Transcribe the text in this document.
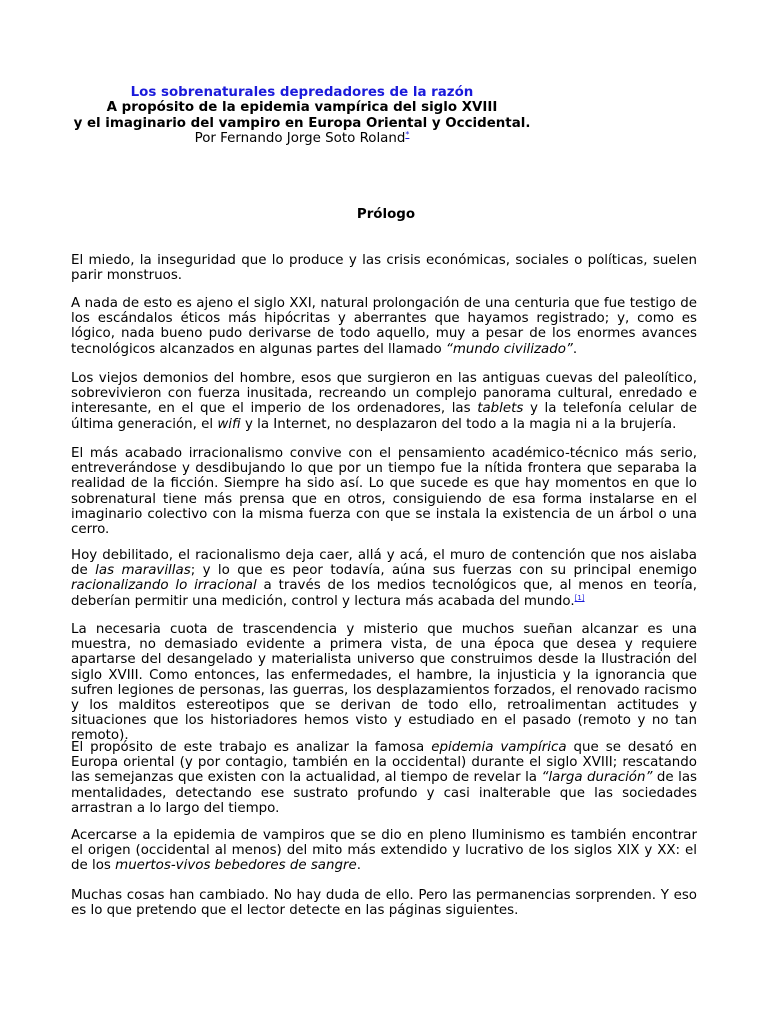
Los sobrenaturales depredadores de la razón
A propósito de la epidemia vampírica del siglo XVIII
y el imaginario del vampiro en Europa Oriental y Occidental.
Por Fernando Jorge Soto Roland*
Prólogo

El miedo, la inseguridad que lo produce y las crisis económicas, sociales o políticas, suelen parir monstruos.

A nada de esto es ajeno el siglo XXI, natural prolongación de una centuria que fue testigo de los escándalos éticos más hipócritas y aberrantes que hayamos registrado; y, como es lógico, nada bueno pudo derivarse de todo aquello, muy a pesar de los enormes avances tecnológicos alcanzados en algunas partes del llamado “mundo civilizado”.

Los viejos demonios del hombre, esos que surgieron en las antiguas cuevas del paleolítico, sobrevivieron con fuerza inusitada, recreando un complejo panorama cultural, enredado e interesante, en el que el imperio de los ordenadores, las tablets y la telefonía celular de última generación, el wifi y la Internet, no desplazaron del todo a la magia ni a la brujería.

El más acabado irracionalismo convive con el pensamiento académico-técnico más serio, entreverándose y desdibujando lo que por un tiempo fue la nítida frontera que separaba la realidad de la ficción. Siempre ha sido así. Lo que sucede es que hay momentos en que lo sobrenatural tiene más prensa que en otros, consiguiendo de esa forma instalarse en el imaginario colectivo con la misma fuerza con que se instala la existencia de un árbol o una cerro.

Hoy debilitado, el racionalismo deja caer, allá y acá, el muro de contención que nos aislaba de las maravillas; y lo que es peor todavía, aúna sus fuerzas con su principal enemigo racionalizando lo irracional a través de los medios tecnológicos que, al menos en teoría, deberían permitir una medición, control y lectura más acabada del mundo.[1]

La necesaria cuota de trascendencia y misterio que muchos sueñan alcanzar es una muestra, no demasiado evidente a primera vista, de una época que desea y requiere apartarse del desangelado y materialista universo que construimos desde la Ilustración del siglo XVIII. Como entonces, las enfermedades, el hambre, la injusticia y la ignorancia que sufren legiones de personas, las guerras, los desplazamientos forzados, el renovado racismo y los malditos estereotipos que se derivan de todo ello, retroalimentan actitudes y situaciones que los historiadores hemos visto y estudiado en el pasado (remoto y no tan remoto).

El propósito de este trabajo es analizar la famosa epidemia vampírica que se desató en Europa oriental (y por contagio, también en la occidental) durante el siglo XVIII; rescatando las semejanzas que existen con la actualidad, al tiempo de revelar la “larga duración” de las mentalidades, detectando ese sustrato profundo y casi inalterable que las sociedades arrastran a lo largo del tiempo.

Acercarse a la epidemia de vampiros que se dio en pleno Iluminismo es también encontrar el origen (occidental al menos) del mito más extendido y lucrativo de los siglos XIX y XX: el de los muertos-vivos bebedores de sangre.

Muchas cosas han cambiado. No hay duda de ello. Pero las permanencias sorprenden. Y eso es lo que pretendo que el lector detecte en las páginas siguientes.
